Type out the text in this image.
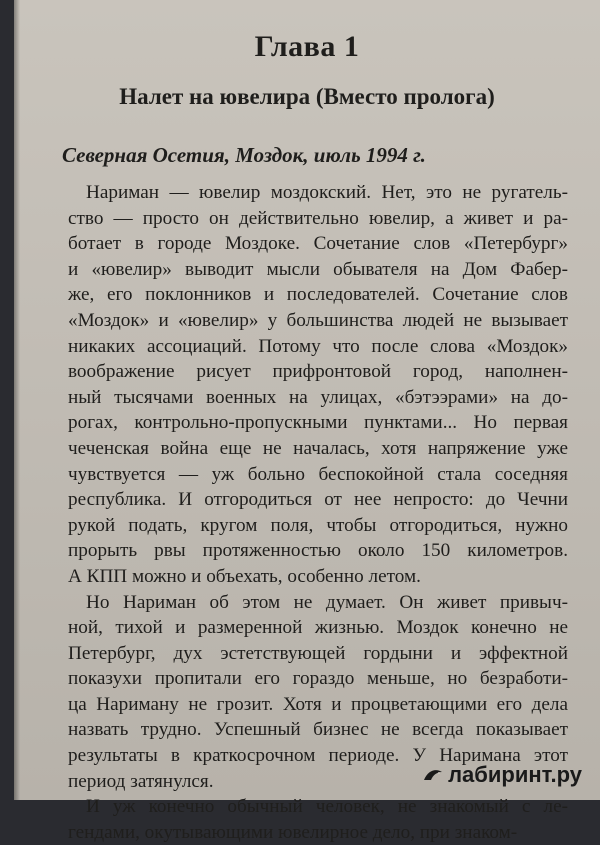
Глава 1
Налет на ювелира (Вместо пролога)
Северная Осетия, Моздок, июль 1994 г.
Нариман — ювелир моздокский. Нет, это не ругатель-
ство — просто он действительно ювелир, а живет и ра-
ботает в городе Моздоке. Сочетание слов «Петербург»
и «ювелир» выводит мысли обывателя на Дом Фабер-
же, его поклонников и последователей. Сочетание слов
«Моздок» и «ювелир» у большинства людей не вызывает
никаких ассоциаций. Потому что после слова «Моздок»
воображение рисует прифронтовой город, наполнен-
ный тысячами военных на улицах, «бэтээрами» на до-
рогах, контрольно-пропускными пунктами... Но первая
чеченская война еще не началась, хотя напряжение уже
чувствуется — уж больно беспокойной стала соседняя
республика. И отгородиться от нее непросто: до Чечни
рукой подать, кругом поля, чтобы отгородиться, нужно
прорыть рвы протяженностью около 150 километров.
А КПП можно и объехать, особенно летом.
Но Нариман об этом не думает. Он живет привыч-
ной, тихой и размеренной жизнью. Моздок конечно не
Петербург, дух эстетствующей гордыни и эффектной
показухи пропитали его гораздо меньше, но безработи-
ца Нариману не грозит. Хотя и процветающими его дела
назвать трудно. Успешный бизнес не всегда показывает
результаты в краткосрочном периоде. У Наримана этот
период затянулся.
И уж конечно обычный человек, не знакомый с ле-
гендами, окутывающими ювелирное дело, при знаком-
лабиринт.ру
